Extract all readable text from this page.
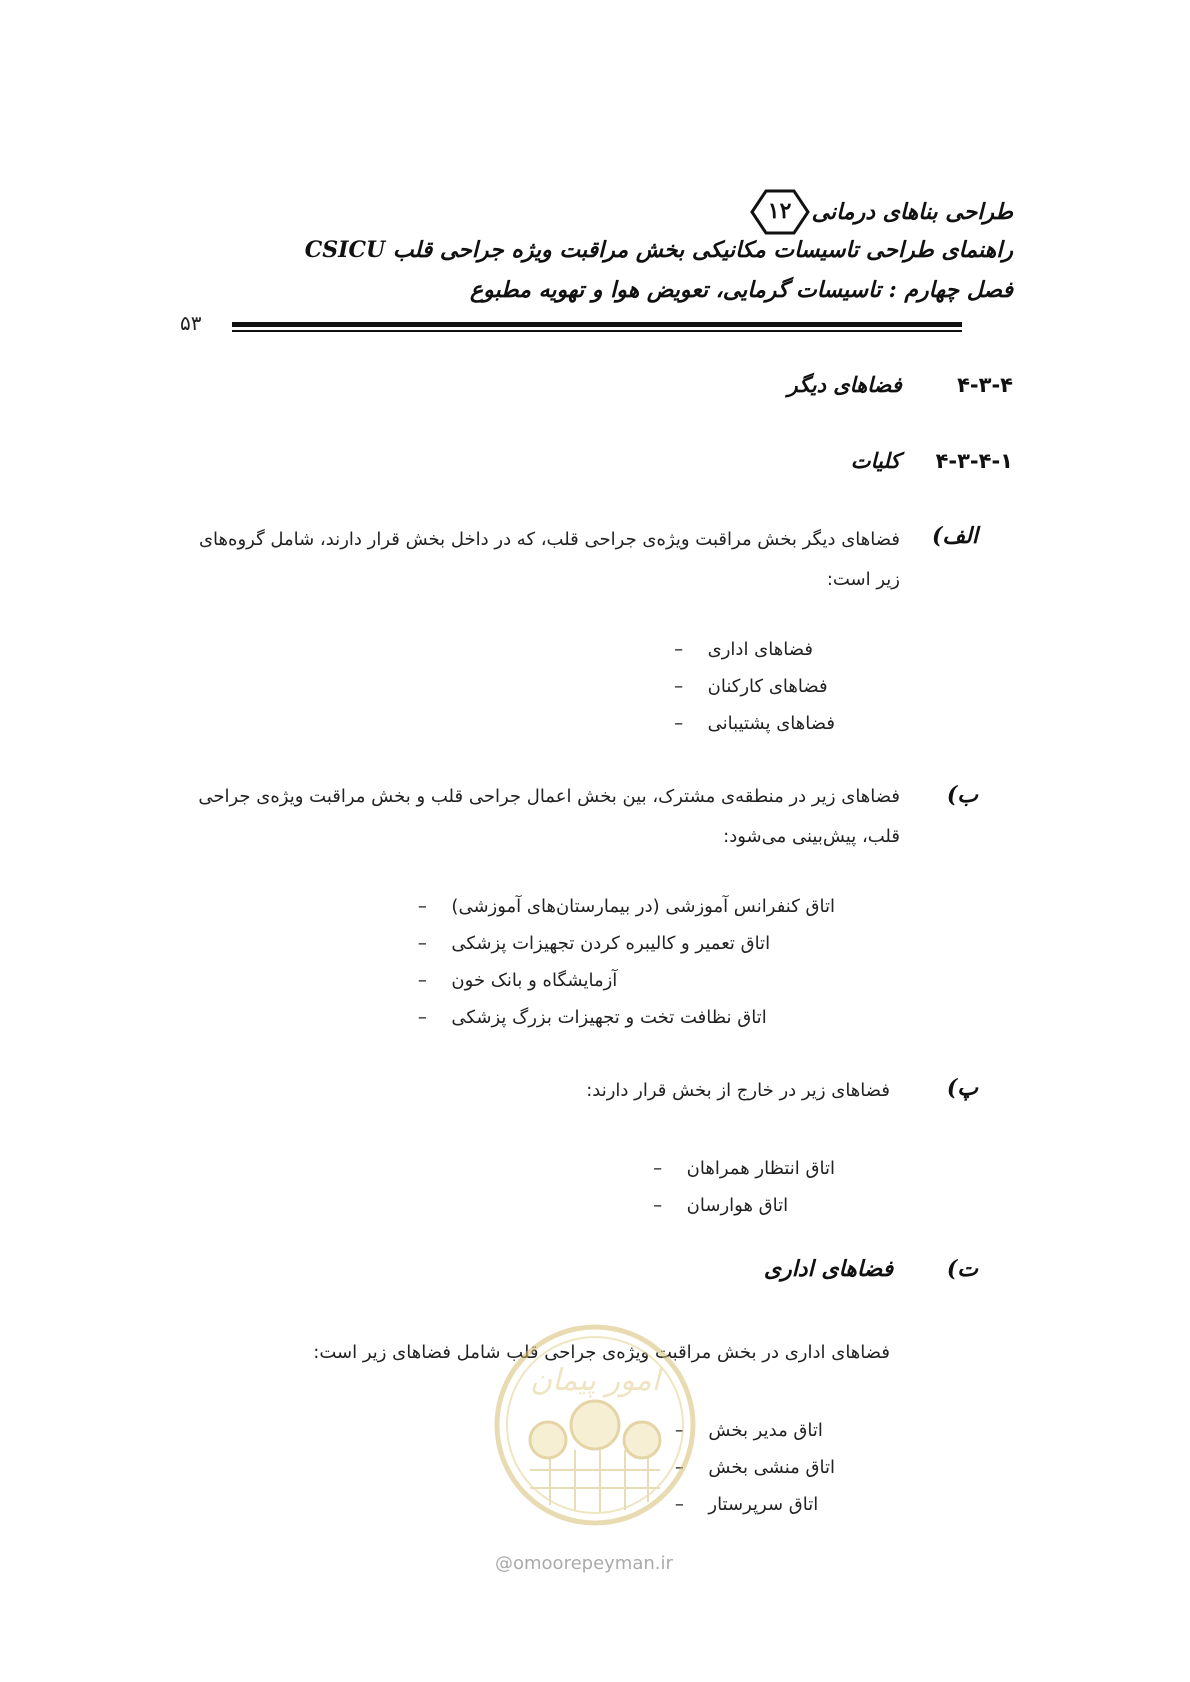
طراحی بناهای درمانی
۱۲
راهنمای طراحی تاسیسات مکانیکی بخش مراقبت ویژه جراحی قلب CSICU
فصل چهارم : تاسیسات گرمایی، تعویض هوا و تهویه مطبوع
۵۳
۴-۳-۴ فضاهای دیگر
۴-۳-۴-۱ کلیات
الف)
فضاهای دیگر بخش مراقبت ویژه‌ی جراحی قلب، که در داخل بخش قرار دارند، شامل گروه‌های زیر است:
– فضاهای اداری
– فضاهای کارکنان
– فضاهای پشتیبانی
ب)
فضاهای زیر در منطقه‌ی مشترک، بین بخش اعمال جراحی قلب و بخش مراقبت ویژه‌ی جراحی قلب، پیش‌بینی می‌شود:
– اتاق کنفرانس آموزشی (در بیمارستان‌های آموزشی)
– اتاق تعمیر و کالیبره کردن تجهیزات پزشکی
– آزمایشگاه و بانک خون
– اتاق نظافت تخت و تجهیزات بزرگ پزشکی
پ)
فضاهای زیر در خارج از بخش قرار دارند:
– اتاق انتظار همراهان
– اتاق هوارسان
ت) فضاهای اداری
فضاهای اداری در بخش مراقبت ویژه‌ی جراحی قلب شامل فضاهای زیر است:
– اتاق مدیر بخش
– اتاق منشی بخش
– اتاق سرپرستار
امور پیمان
@omoorepeyman.ir
